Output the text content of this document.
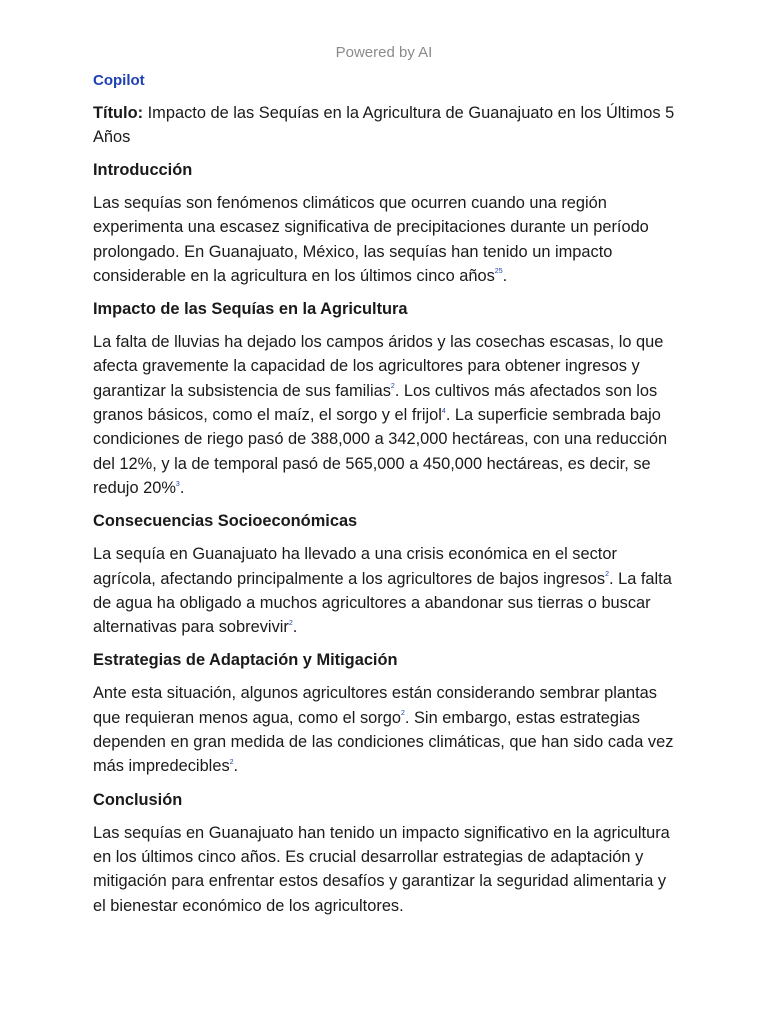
Powered by AI
Copilot
Título: Impacto de las Sequías en la Agricultura de Guanajuato en los Últimos 5 Años
Introducción

Las sequías son fenómenos climáticos que ocurren cuando una región experimenta una escasez significativa de precipitaciones durante un período prolongado. En Guanajuato, México, las sequías han tenido un impacto considerable en la agricultura en los últimos cinco años$^{25}$.

Impacto de las Sequías en la Agricultura

La falta de lluvias ha dejado los campos áridos y las cosechas escasas, lo que afecta gravemente la capacidad de los agricultores para obtener ingresos y garantizar la subsistencia de sus familias$^2$. Los cultivos más afectados son los granos básicos, como el maíz, el sorgo y el frijol$^4$. La superficie sembrada bajo condiciones de riego pasó de 388,000 a 342,000 hectáreas, con una reducción del 12%, y la de temporal pasó de 565,000 a 450,000 hectáreas, es decir, se redujo 20%$^3$.

Consecuencias Socioeconómicas

La sequía en Guanajuato ha llevado a una crisis económica en el sector agrícola, afectando principalmente a los agricultores de bajos ingresos$^2$. La falta de agua ha obligado a muchos agricultores a abandonar sus tierras o buscar alternativas para sobrevivir$^2$.

Estrategias de Adaptación y Mitigación

Ante esta situación, algunos agricultores están considerando sembrar plantas que requieran menos agua, como el sorgo$^2$. Sin embargo, estas estrategias dependen en gran medida de las condiciones climáticas, que han sido cada vez más impredecibles$^2$.

Conclusión

Las sequías en Guanajuato han tenido un impacto significativo en la agricultura en los últimos cinco años. Es crucial desarrollar estrategias de adaptación y mitigación para enfrentar estos desafíos y garantizar la seguridad alimentaria y el bienestar económico de los agricultores.
